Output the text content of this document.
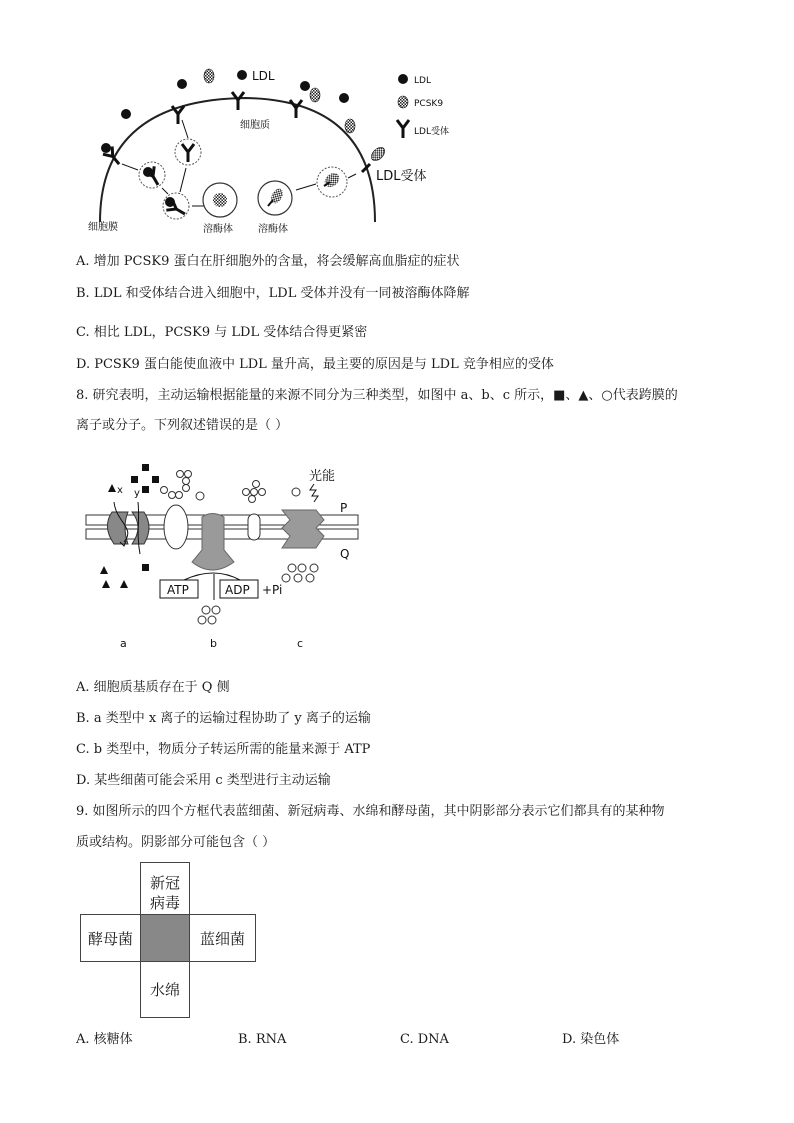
LDL	LDL
PCSK9
LDL受体
细胞质
溶酶体	溶酶体
LDL受体
细胞膜
A. 增加 PCSK9 蛋白在肝细胞外的含量，将会缓解高血脂症的症状
B. LDL 和受体结合进入细胞中，LDL 受体并没有一同被溶酶体降解
C. 相比 LDL，PCSK9 与 LDL 受体结合得更紧密
D. PCSK9 蛋白能使血液中 LDL 量升高，最主要的原因是与 LDL 竞争相应的受体
8. 研究表明，主动运输根据能量的来源不同分为三种类型，如图中 a、b、c 所示，■、▲、○代表跨膜的
离子或分子。下列叙述错误的是（ ）
P
Q
x y
a
ATP	ADP +Pi
b
光能
c
A. 细胞质基质存在于 Q 侧
B. a 类型中 x 离子的运输过程协助了 y 离子的运输
C. b 类型中，物质分子转运所需的能量来源于 ATP
D. 某些细菌可能会采用 c 类型进行主动运输
9. 如图所示的四个方框代表蓝细菌、新冠病毒、水绵和酵母菌，其中阴影部分表示它们都具有的某种物
质或结构。阴影部分可能包含（ ）
新冠
病毒
酵母菌	蓝细菌
水绵
A. 核糖体	B. RNA	C. DNA	D. 染色体
